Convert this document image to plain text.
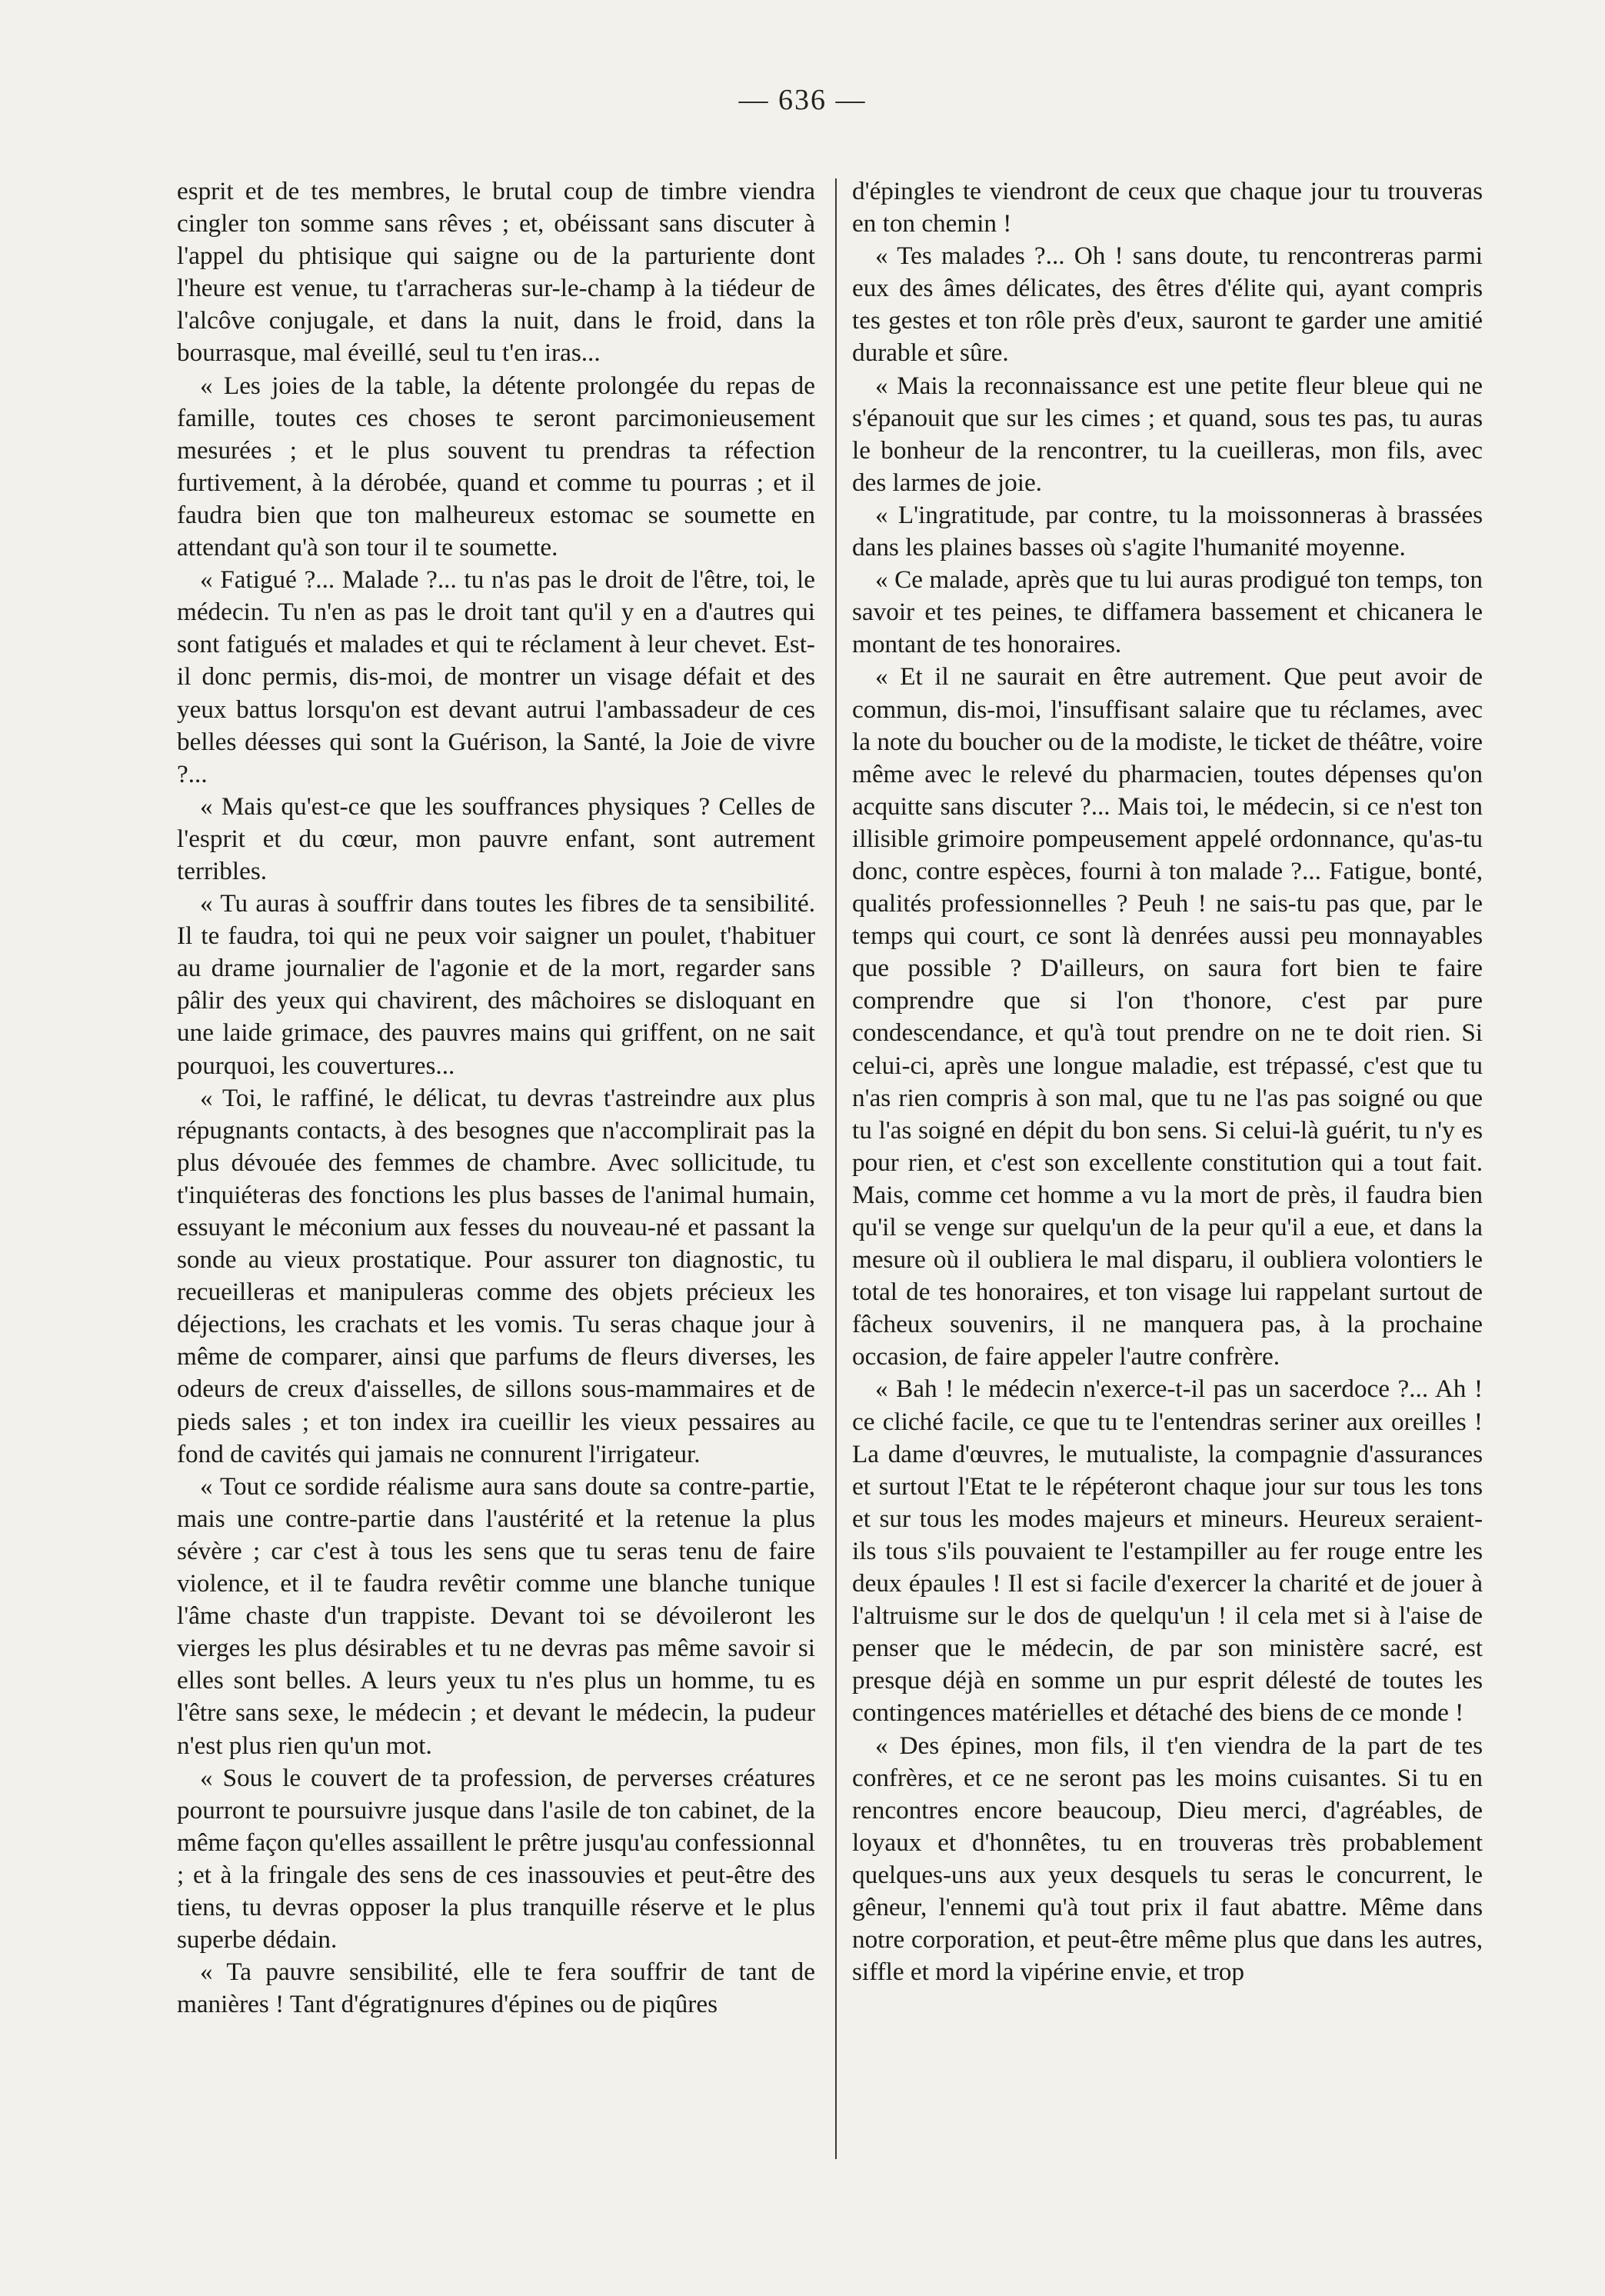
— 636 —

esprit et de tes membres, le brutal coup de timbre viendra cingler ton somme sans rêves ; et, obéissant sans discuter à l'appel du phtisique qui saigne ou de la parturiente dont l'heure est venue, tu t'arracheras sur-le-champ à la tiédeur de l'alcôve conjugale, et dans la nuit, dans le froid, dans la bourrasque, mal éveillé, seul tu t'en iras...

« Les joies de la table, la détente prolongée du repas de famille, toutes ces choses te seront parcimonieusement mesurées ; et le plus souvent tu prendras ta réfection furtivement, à la dérobée, quand et comme tu pourras ; et il faudra bien que ton malheureux estomac se soumette en attendant qu'à son tour il te soumette.

« Fatigué ?... Malade ?... tu n'as pas le droit de l'être, toi, le médecin. Tu n'en as pas le droit tant qu'il y en a d'autres qui sont fatigués et malades et qui te réclament à leur chevet. Est-il donc permis, dis-moi, de montrer un visage défait et des yeux battus lorsqu'on est devant autrui l'ambassadeur de ces belles déesses qui sont la Guérison, la Santé, la Joie de vivre ?...

« Mais qu'est-ce que les souffrances physiques ? Celles de l'esprit et du cœur, mon pauvre enfant, sont autrement terribles.

« Tu auras à souffrir dans toutes les fibres de ta sensibilité. Il te faudra, toi qui ne peux voir saigner un poulet, t'habituer au drame journalier de l'agonie et de la mort, regarder sans pâlir des yeux qui chavirent, des mâchoires se disloquant en une laide grimace, des pauvres mains qui griffent, on ne sait pourquoi, les couvertures...

« Toi, le raffiné, le délicat, tu devras t'astreindre aux plus répugnants contacts, à des besognes que n'accomplirait pas la plus dévouée des femmes de chambre. Avec sollicitude, tu t'inquiéteras des fonctions les plus basses de l'animal humain, essuyant le méconium aux fesses du nouveau-né et passant la sonde au vieux prostatique. Pour assurer ton diagnostic, tu recueilleras et manipuleras comme des objets précieux les déjections, les crachats et les vomis. Tu seras chaque jour à même de comparer, ainsi que parfums de fleurs diverses, les odeurs de creux d'aisselles, de sillons sous-mammaires et de pieds sales ; et ton index ira cueillir les vieux pessaires au fond de cavités qui jamais ne connurent l'irrigateur.

« Tout ce sordide réalisme aura sans doute sa contre-partie, mais une contre-partie dans l'austérité et la retenue la plus sévère ; car c'est à tous les sens que tu seras tenu de faire violence, et il te faudra revêtir comme une blanche tunique l'âme chaste d'un trappiste. Devant toi se dévoileront les vierges les plus désirables et tu ne devras pas même savoir si elles sont belles. A leurs yeux tu n'es plus un homme, tu es l'être sans sexe, le médecin ; et devant le médecin, la pudeur n'est plus rien qu'un mot.

« Sous le couvert de ta profession, de perverses créatures pourront te poursuivre jusque dans l'asile de ton cabinet, de la même façon qu'elles assaillent le prêtre jusqu'au confessionnal ; et à la fringale des sens de ces inassouvies et peut-être des tiens, tu devras opposer la plus tranquille réserve et le plus superbe dédain.

« Ta pauvre sensibilité, elle te fera souffrir de tant de manières ! Tant d'égratignures d'épines ou de piqûres

d'épingles te viendront de ceux que chaque jour tu trouveras en ton chemin !

« Tes malades ?... Oh ! sans doute, tu rencontreras parmi eux des âmes délicates, des êtres d'élite qui, ayant compris tes gestes et ton rôle près d'eux, sauront te garder une amitié durable et sûre.

« Mais la reconnaissance est une petite fleur bleue qui ne s'épanouit que sur les cimes ; et quand, sous tes pas, tu auras le bonheur de la rencontrer, tu la cueilleras, mon fils, avec des larmes de joie.

« L'ingratitude, par contre, tu la moissonneras à brassées dans les plaines basses où s'agite l'humanité moyenne.

« Ce malade, après que tu lui auras prodigué ton temps, ton savoir et tes peines, te diffamera bassement et chicanera le montant de tes honoraires.

« Et il ne saurait en être autrement. Que peut avoir de commun, dis-moi, l'insuffisant salaire que tu réclames, avec la note du boucher ou de la modiste, le ticket de théâtre, voire même avec le relevé du pharmacien, toutes dépenses qu'on acquitte sans discuter ?... Mais toi, le médecin, si ce n'est ton illisible grimoire pompeusement appelé ordonnance, qu'as-tu donc, contre espèces, fourni à ton malade ?... Fatigue, bonté, qualités professionnelles ? Peuh ! ne sais-tu pas que, par le temps qui court, ce sont là denrées aussi peu monnayables que possible ? D'ailleurs, on saura fort bien te faire comprendre que si l'on t'honore, c'est par pure condescendance, et qu'à tout prendre on ne te doit rien. Si celui-ci, après une longue maladie, est trépassé, c'est que tu n'as rien compris à son mal, que tu ne l'as pas soigné ou que tu l'as soigné en dépit du bon sens. Si celui-là guérit, tu n'y es pour rien, et c'est son excellente constitution qui a tout fait. Mais, comme cet homme a vu la mort de près, il faudra bien qu'il se venge sur quelqu'un de la peur qu'il a eue, et dans la mesure où il oubliera le mal disparu, il oubliera volontiers le total de tes honoraires, et ton visage lui rappelant surtout de fâcheux souvenirs, il ne manquera pas, à la prochaine occasion, de faire appeler l'autre confrère.

« Bah ! le médecin n'exerce-t-il pas un sacerdoce ?... Ah ! ce cliché facile, ce que tu te l'entendras seriner aux oreilles ! La dame d'œuvres, le mutualiste, la compagnie d'assurances et surtout l'Etat te le répéteront chaque jour sur tous les tons et sur tous les modes majeurs et mineurs. Heureux seraient-ils tous s'ils pouvaient te l'estampiller au fer rouge entre les deux épaules ! Il est si facile d'exercer la charité et de jouer à l'altruisme sur le dos de quelqu'un ! il cela met si à l'aise de penser que le médecin, de par son ministère sacré, est presque déjà en somme un pur esprit délesté de toutes les contingences matérielles et détaché des biens de ce monde !

« Des épines, mon fils, il t'en viendra de la part de tes confrères, et ce ne seront pas les moins cuisantes. Si tu en rencontres encore beaucoup, Dieu merci, d'agréables, de loyaux et d'honnêtes, tu en trouveras très probablement quelques-uns aux yeux desquels tu seras le concurrent, le gêneur, l'ennemi qu'à tout prix il faut abattre. Même dans notre corporation, et peut-être même plus que dans les autres, siffle et mord la vipérine envie, et trop
